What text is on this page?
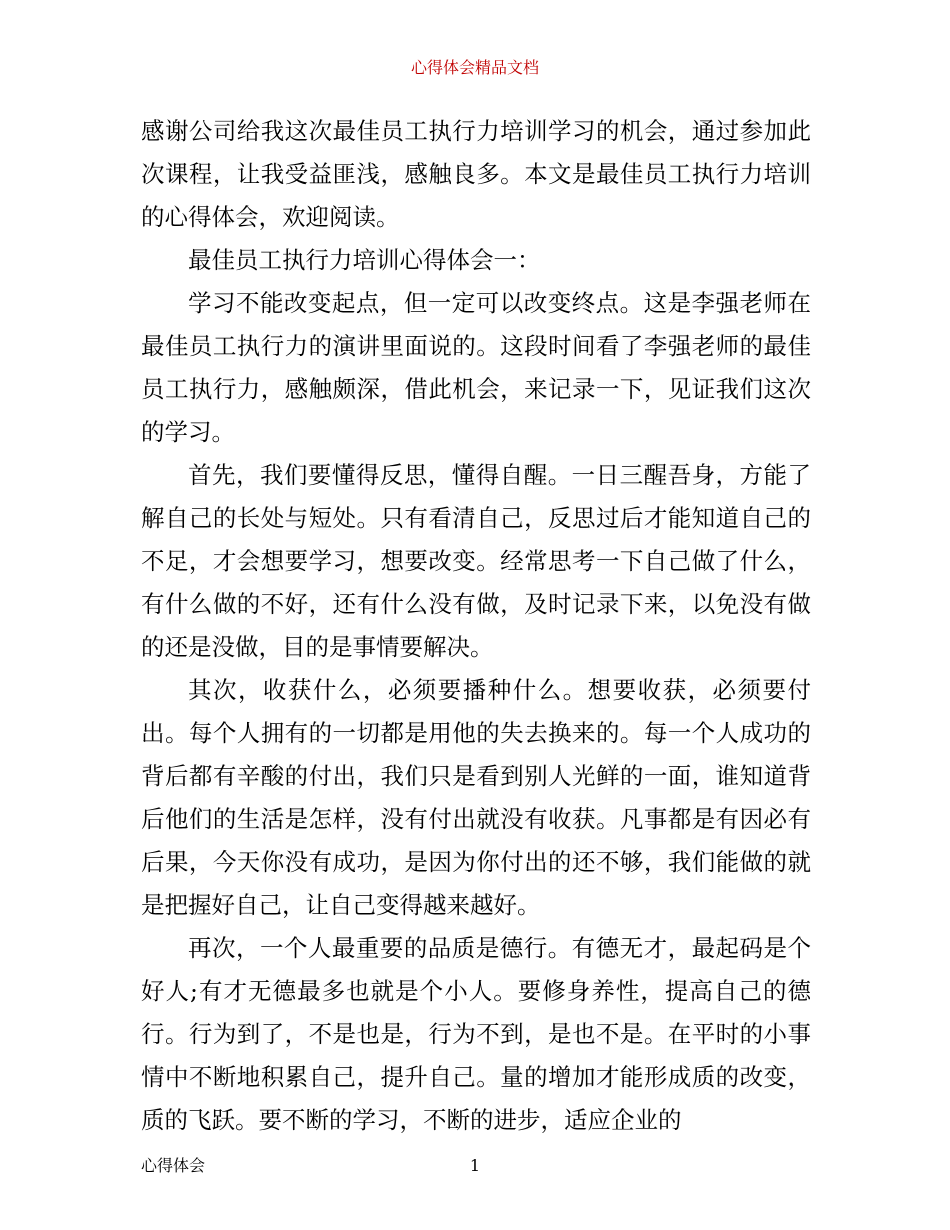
心得体会精品文档

感谢公司给我这次最佳员工执行力培训学习的机会，通过参加此次课程，让我受益匪浅，感触良多。本文是最佳员工执行力培训的心得体会，欢迎阅读。

最佳员工执行力培训心得体会一：

学习不能改变起点，但一定可以改变终点。这是李强老师在最佳员工执行力的演讲里面说的。这段时间看了李强老师的最佳员工执行力，感触颇深，借此机会，来记录一下，见证我们这次的学习。

首先，我们要懂得反思，懂得自醒。一日三醒吾身，方能了解自己的长处与短处。只有看清自己，反思过后才能知道自己的不足，才会想要学习，想要改变。经常思考一下自己做了什么，有什么做的不好，还有什么没有做，及时记录下来，以免没有做的还是没做，目的是事情要解决。

其次，收获什么，必须要播种什么。想要收获，必须要付出。每个人拥有的一切都是用他的失去换来的。每一个人成功的背后都有辛酸的付出，我们只是看到别人光鲜的一面，谁知道背后他们的生活是怎样，没有付出就没有收获。凡事都是有因必有后果，今天你没有成功，是因为你付出的还不够，我们能做的就是把握好自己，让自己变得越来越好。

再次，一个人最重要的品质是德行。有德无才，最起码是个好人;有才无德最多也就是个小人。要修身养性，提高自己的德行。行为到了，不是也是，行为不到，是也不是。在平时的小事情中不断地积累自己，提升自己。量的增加才能形成质的改变，质的飞跃。要不断的学习，不断的进步，适应企业的

心得体会	1
